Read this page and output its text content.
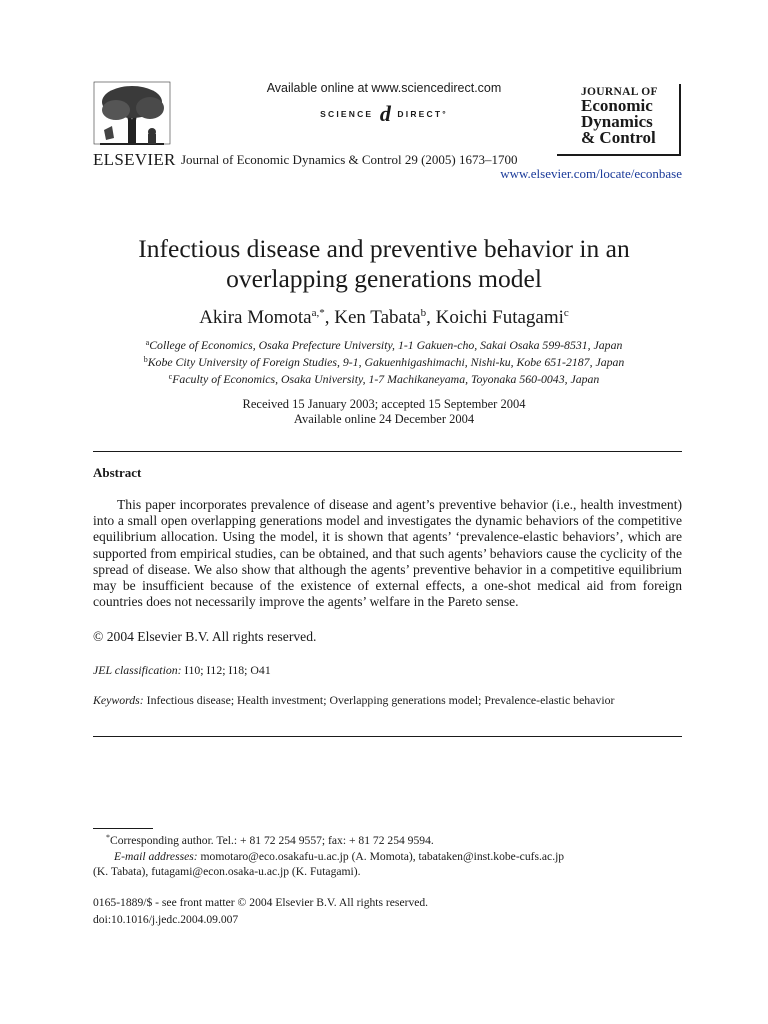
ELSEVIER
Available online at www.sciencedirect.com
SCIENCE d DIRECT°
Journal of Economic Dynamics & Control 29 (2005) 1673–1700
JOURNAL OF
Economic
Dynamics
& Control
www.elsevier.com/locate/econbase
Infectious disease and preventive behavior in an
overlapping generations model
Akira Momota$^{a,*}$, Ken Tabata$^b$, Koichi Futagami$^c$
$^a$College of Economics, Osaka Prefecture University, 1-1 Gakuen-cho, Sakai Osaka 599-8531, Japan
$^b$Kobe City University of Foreign Studies, 9-1, Gakuenhigashimachi, Nishi-ku, Kobe 651-2187, Japan
$^c$Faculty of Economics, Osaka University, 1-7 Machikaneyama, Toyonaka 560-0043, Japan
Received 15 January 2003; accepted 15 September 2004
Available online 24 December 2004
Abstract
This paper incorporates prevalence of disease and agent’s preventive behavior (i.e., health investment) into a small open overlapping generations model and investigates the dynamic behaviors of the competitive equilibrium allocation. Using the model, it is shown that agents’ ‘prevalence-elastic behaviors’, which are supported from empirical studies, can be obtained, and that such agents’ behaviors cause the cyclicity of the spread of disease. We also show that although the agents’ preventive behavior in a competitive equilibrium may be insufficient because of the existence of external effects, a one-shot medical aid from foreign countries does not necessarily improve the agents’ welfare in the Pareto sense.
© 2004 Elsevier B.V. All rights reserved.
JEL classification: I10; I12; I18; O41
Keywords: Infectious disease; Health investment; Overlapping generations model; Prevalence-elastic behavior
*Corresponding author. Tel.: + 81 72 254 9557; fax: + 81 72 254 9594.
E-mail addresses: momotaro@eco.osakafu-u.ac.jp (A. Momota), tabataken@inst.kobe-cufs.ac.jp
(K. Tabata), futagami@econ.osaka-u.ac.jp (K. Futagami).
0165-1889/$ - see front matter © 2004 Elsevier B.V. All rights reserved.
doi:10.1016/j.jedc.2004.09.007
